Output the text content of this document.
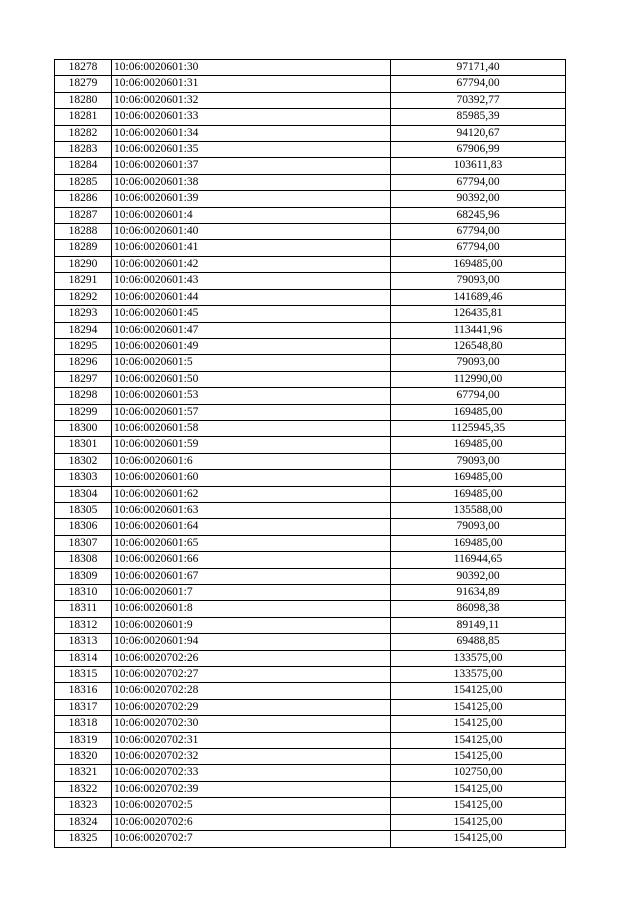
18278	10:06:0020601:30	97171,40
18279	10:06:0020601:31	67794,00
18280	10:06:0020601:32	70392,77
18281	10:06:0020601:33	85985,39
18282	10:06:0020601:34	94120,67
18283	10:06:0020601:35	67906,99
18284	10:06:0020601:37	103611,83
18285	10:06:0020601:38	67794,00
18286	10:06:0020601:39	90392,00
18287	10:06:0020601:4	68245,96
18288	10:06:0020601:40	67794,00
18289	10:06:0020601:41	67794,00
18290	10:06:0020601:42	169485,00
18291	10:06:0020601:43	79093,00
18292	10:06:0020601:44	141689,46
18293	10:06:0020601:45	126435,81
18294	10:06:0020601:47	113441,96
18295	10:06:0020601:49	126548,80
18296	10:06:0020601:5	79093,00
18297	10:06:0020601:50	112990,00
18298	10:06:0020601:53	67794,00
18299	10:06:0020601:57	169485,00
18300	10:06:0020601:58	1125945,35
18301	10:06:0020601:59	169485,00
18302	10:06:0020601:6	79093,00
18303	10:06:0020601:60	169485,00
18304	10:06:0020601:62	169485,00
18305	10:06:0020601:63	135588,00
18306	10:06:0020601:64	79093,00
18307	10:06:0020601:65	169485,00
18308	10:06:0020601:66	116944,65
18309	10:06:0020601:67	90392,00
18310	10:06:0020601:7	91634,89
18311	10:06:0020601:8	86098,38
18312	10:06:0020601:9	89149,11
18313	10:06:0020601:94	69488,85
18314	10:06:0020702:26	133575,00
18315	10:06:0020702:27	133575,00
18316	10:06:0020702:28	154125,00
18317	10:06:0020702:29	154125,00
18318	10:06:0020702:30	154125,00
18319	10:06:0020702:31	154125,00
18320	10:06:0020702:32	154125,00
18321	10:06:0020702:33	102750,00
18322	10:06:0020702:39	154125,00
18323	10:06:0020702:5	154125,00
18324	10:06:0020702:6	154125,00
18325	10:06:0020702:7	154125,00
